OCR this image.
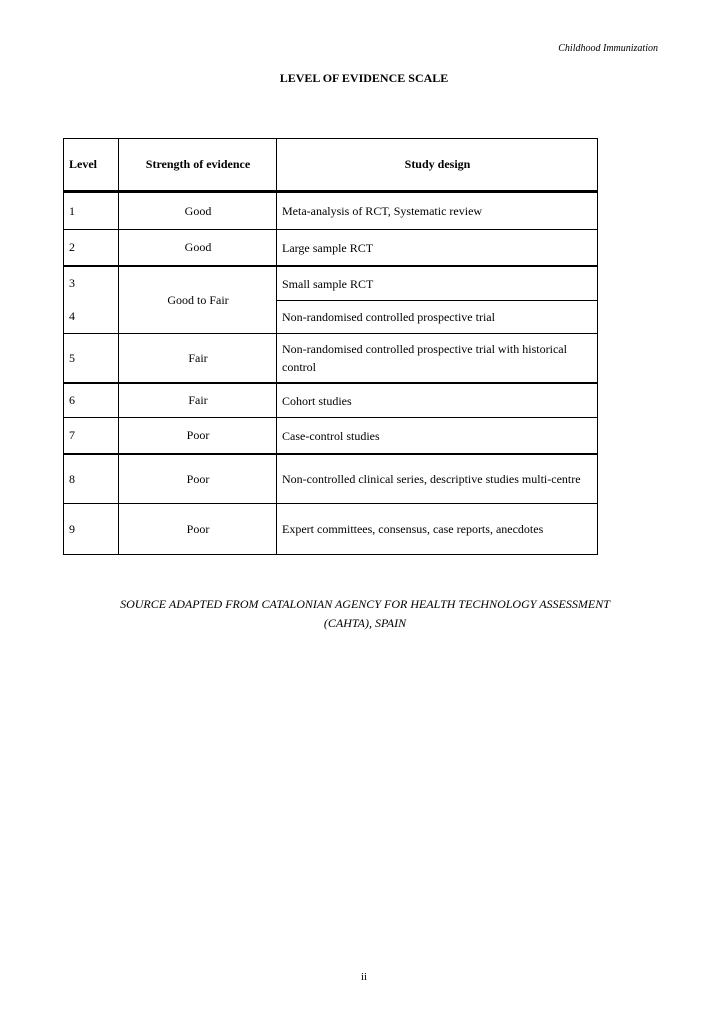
Childhood Immunization
LEVEL OF EVIDENCE SCALE
Level	Strength of evidence	Study design
1	Good	Meta-analysis of RCT, Systematic review
2	Good	Large sample RCT
3	Good to Fair	Small sample RCT
4		Non-randomised controlled prospective trial
5	Fair	Non-randomised controlled prospective trial with historical control
6	Fair	Cohort studies
7	Poor	Case-control studies
8	Poor	Non-controlled clinical series, descriptive studies multi-centre
9	Poor	Expert committees, consensus, case reports, anecdotes
SOURCE ADAPTED FROM CATALONIAN AGENCY FOR HEALTH TECHNOLOGY ASSESSMENT (CAHTA), SPAIN
ii
